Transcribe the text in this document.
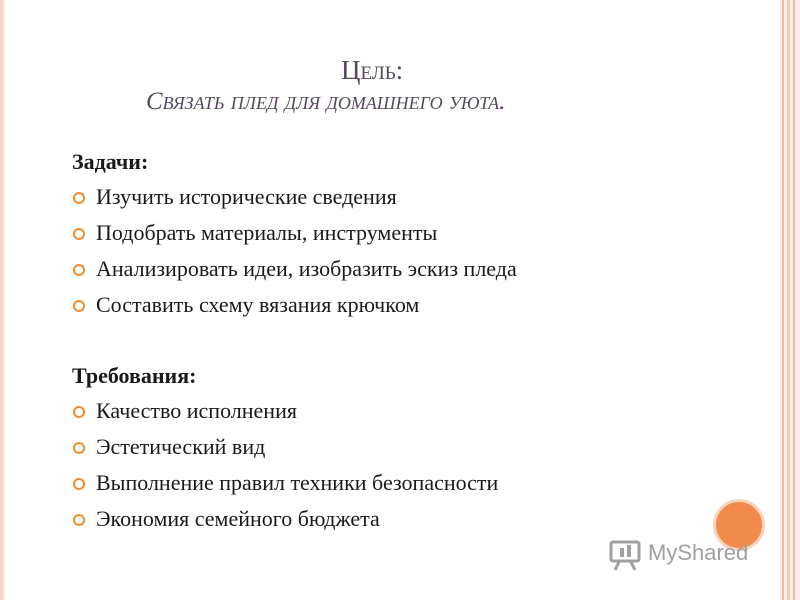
Цель:
Связать плед для домашнего уюта.
Задачи:
Изучить исторические сведения
Подобрать материалы, инструменты
Анализировать идеи, изобразить эскиз пледа
Составить схему вязания крючком
Требования:
Качество исполнения
Эстетический вид
Выполнение правил техники безопасности
Экономия семейного бюджета
MyShared
